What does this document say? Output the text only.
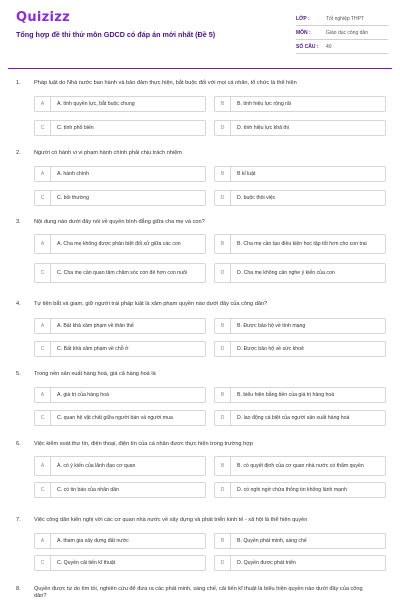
Quizizz
Tổng hợp đề thi thử môn GDCD có đáp án mới nhất (Đề 5)
LỚP :	Tốt nghiệp THPT
MÔN :	Giáo dục công dân
SỐ CÂU :	40
1. Pháp luật do Nhà nước ban hành và bảo đảm thực hiện, bắt buộc đối với mọi cá nhân, tổ chức là thể hiện
A	A. tính quyền lực, bắt buộc chung	B	B. tính hiệu lực rộng rãi
C	C. tính phổ biến	D	D. tính hiệu lực khả thi
2. Người có hành vi vi phạm hành chính phải chịu trách nhiệm
A	A. hành chính	B	B kỉ luật
C	C. bồi thường	D	D. buộc thôi việc
3. Nội dung nào dưới đây nói về quyền bình đẳng giữa cha mẹ và con?
A	A. Cha mẹ không được phân biệt đối xử giữa các con	B	B. Cha mẹ cần tạo điều kiện học tập tốt hơn cho con trai
C	C. Cha mẹ cần quan tâm chăm sóc con đẻ hơn con nuôi	D	D. Cha mẹ không cần nghe ý kiến của con
4. Tự tiện bắt và giam, giữ người trái pháp luật là xâm phạm quyền nào dưới đây của công dân?
A	A. Bất khả xâm phạm về thân thể	B	B. Được bảo hộ về tính mạng
C	C. Bất khả xâm phạm về chỗ ở	D	D. Được bảo hộ về sức khoẻ
5. Trong nền sản xuất hàng hoá, giá cả hàng hoá là
A	A. giá trị của hàng hoá	B	B. biểu hiện bằng tiền của giá trị hàng hoá
C	C. quan hệ vật chất giữa người bán và người mua	D	D. lao động cá biệt của người sản xuất hàng hoá
6. Việc kiểm soát thư tín, điện thoại, điện tín của cá nhân được thực hiện trong trường hợp
A	A. có ý kiến của lãnh đạo cơ quan	B	B. có quyết định của cơ quan nhà nước có thẩm quyền
C	C. có tin báo của nhân dân	D	D. có nghi ngờ chứa thông tin không lành mạnh
7. Việc công dân kiến nghị với các cơ quan nhà nước về xây dựng và phát triển kinh tế - xã hội là thể hiện quyền
A	A. tham gia xây dựng đất nước	B	B. Quyền phát minh, sáng chế
C	C. Quyền cải tiến kĩ thuật	D	D. Quyền được phát triển
8. Quyền được tự do tìm tòi, nghiên cứu để đưa ra các phát minh, sáng chế, cải tiến kĩ thuật là biểu hiện quyền nào dưới đây của công dân?
